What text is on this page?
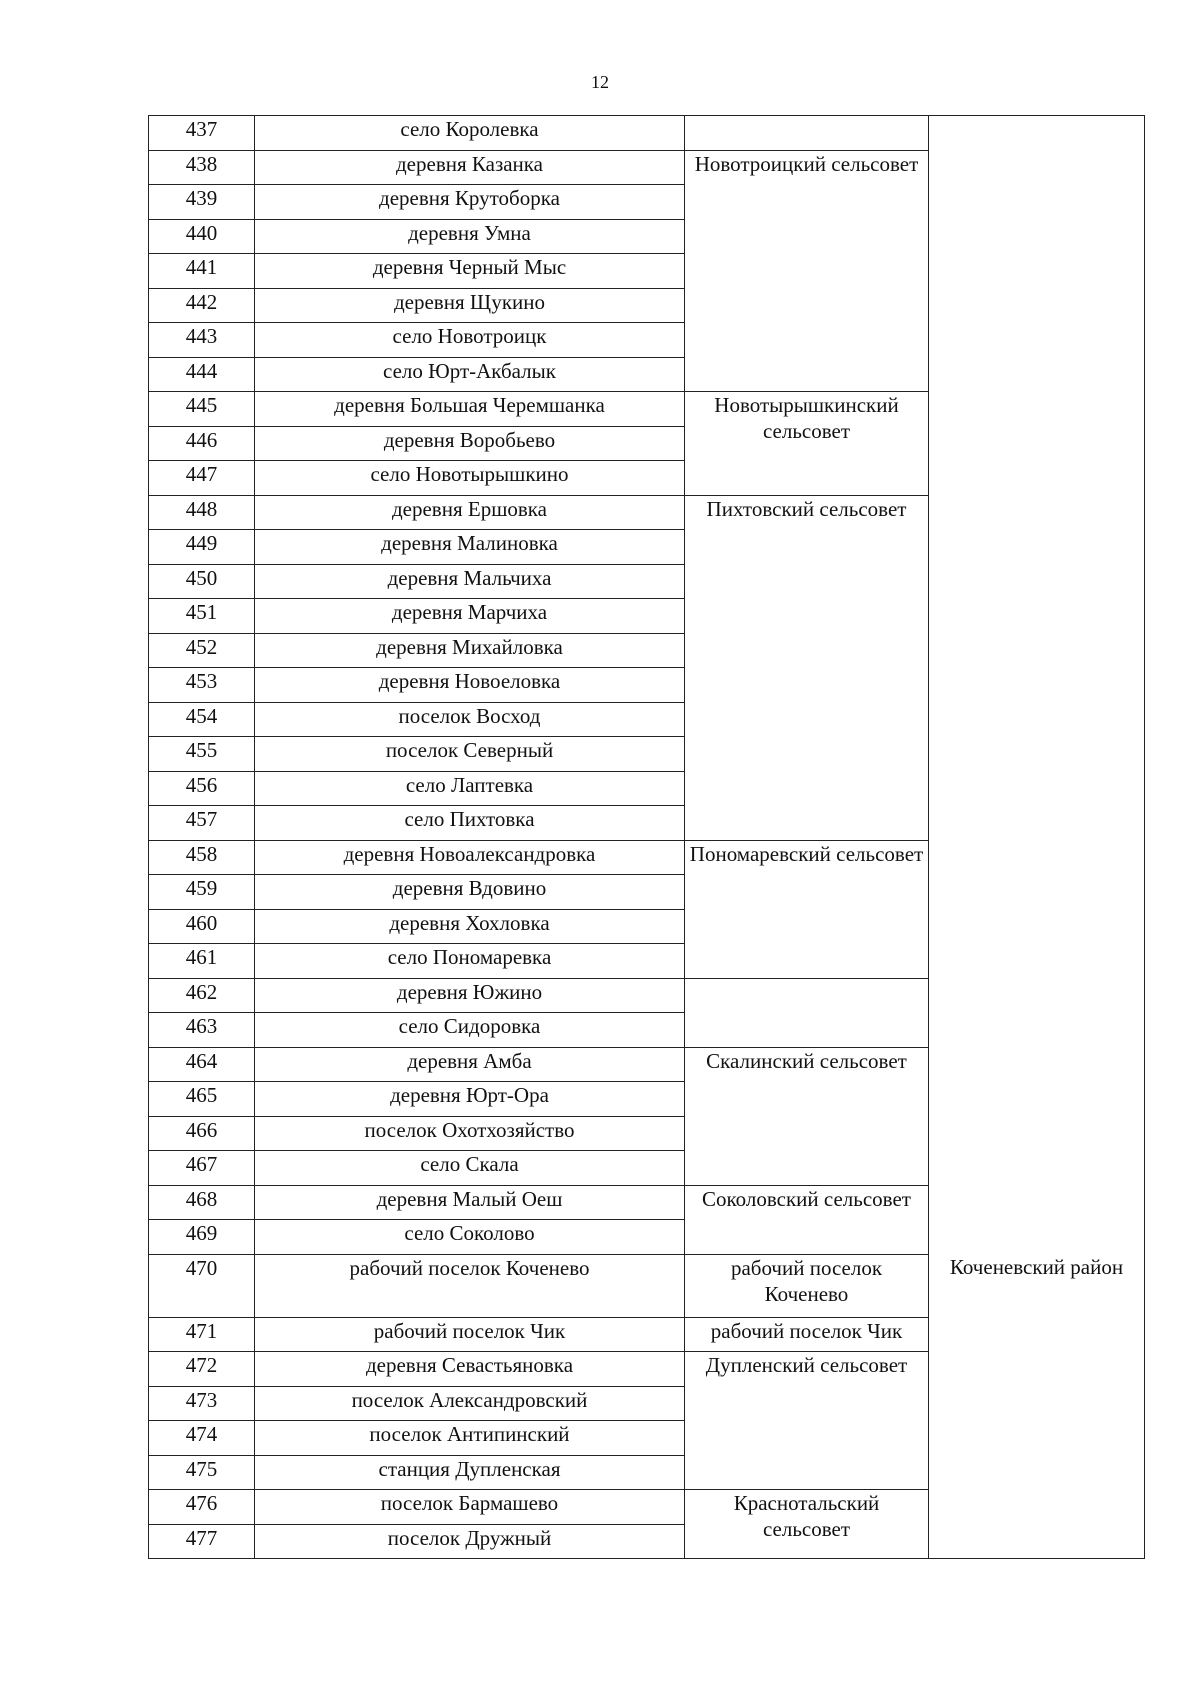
12
437	село Королевка		
438	деревня Казанка	Новотроицкий сельсовет	
439	деревня Крутоборка		
440	деревня Умна		
441	деревня Черный Мыс		
442	деревня Щукино		
443	село Новотроицк		
444	село Юрт-Акбалык		
445	деревня Большая Черемшанка	Новотырышкинский сельсовет	
446	деревня Воробьево		
447	село Новотырышкино		
448	деревня Ершовка	Пихтовский сельсовет	
449	деревня Малиновка		
450	деревня Мальчиха		
451	деревня Марчиха		
452	деревня Михайловка		
453	деревня Новоеловка		
454	поселок Восход		
455	поселок Северный		
456	село Лаптевка		
457	село Пихтовка		
458	деревня Новоалександровка	Пономаревский сельсовет	
459	деревня Вдовино		
460	деревня Хохловка		
461	село Пономаревка		
462	деревня Южино		
463	село Сидоровка		
464	деревня Амба	Скалинский сельсовет	
465	деревня Юрт-Ора		
466	поселок Охотхозяйство		
467	село Скала		
468	деревня Малый Оеш	Соколовский сельсовет	
469	село Соколово		
470	рабочий поселок Коченево	рабочий поселок Коченево	Коченевский район
471	рабочий поселок Чик	рабочий поселок Чик	
472	деревня Севастьяновка	Дупленский сельсовет	
473	поселок Александровский		
474	поселок Антипинский		
475	станция Дупленская		
476	поселок Бармашево	Краснотальский сельсовет	
477	поселок Дружный		
